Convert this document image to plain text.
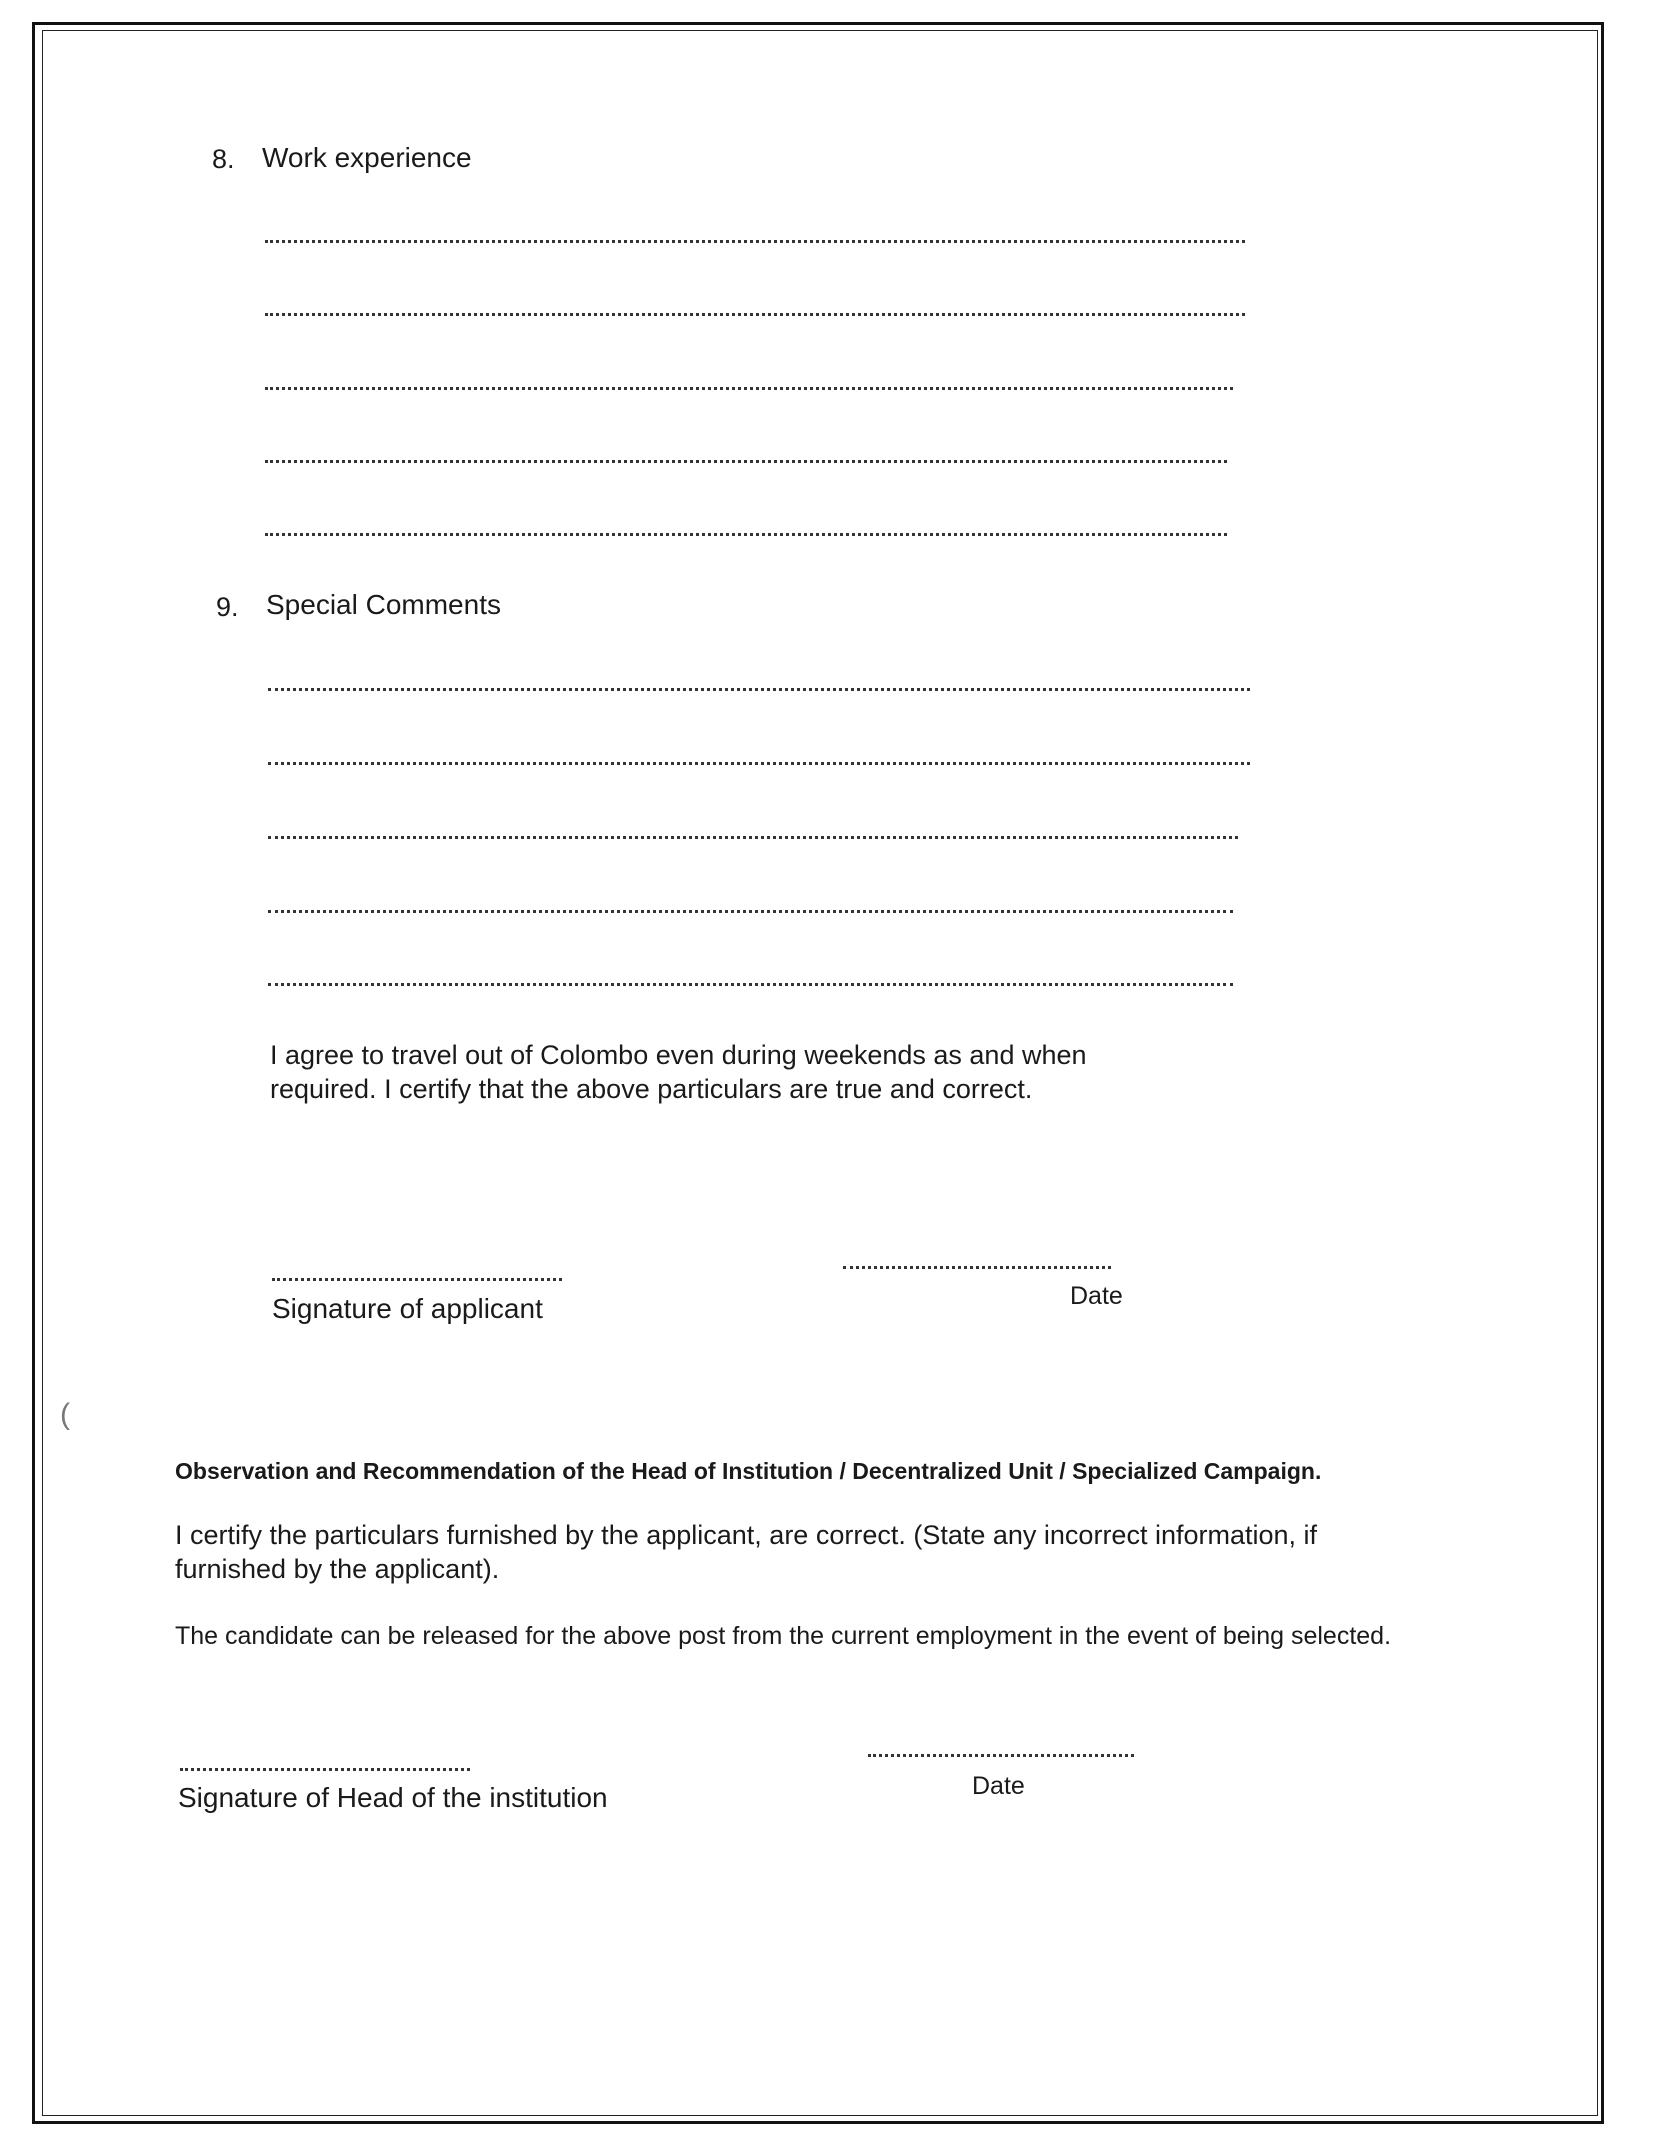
8. Work experience
9. Special Comments
I agree to travel out of Colombo even during weekends as and when
required. I certify that the above particulars are true and correct.
Signature of applicant	Date
Observation and Recommendation of the Head of Institution / Decentralized Unit / Specialized Campaign.
I certify the particulars furnished by the applicant, are correct. (State any incorrect information, if
furnished by the applicant).
The candidate can be released for the above post from the current employment in the event of being selected.
Signature of Head of the institution	Date
(
